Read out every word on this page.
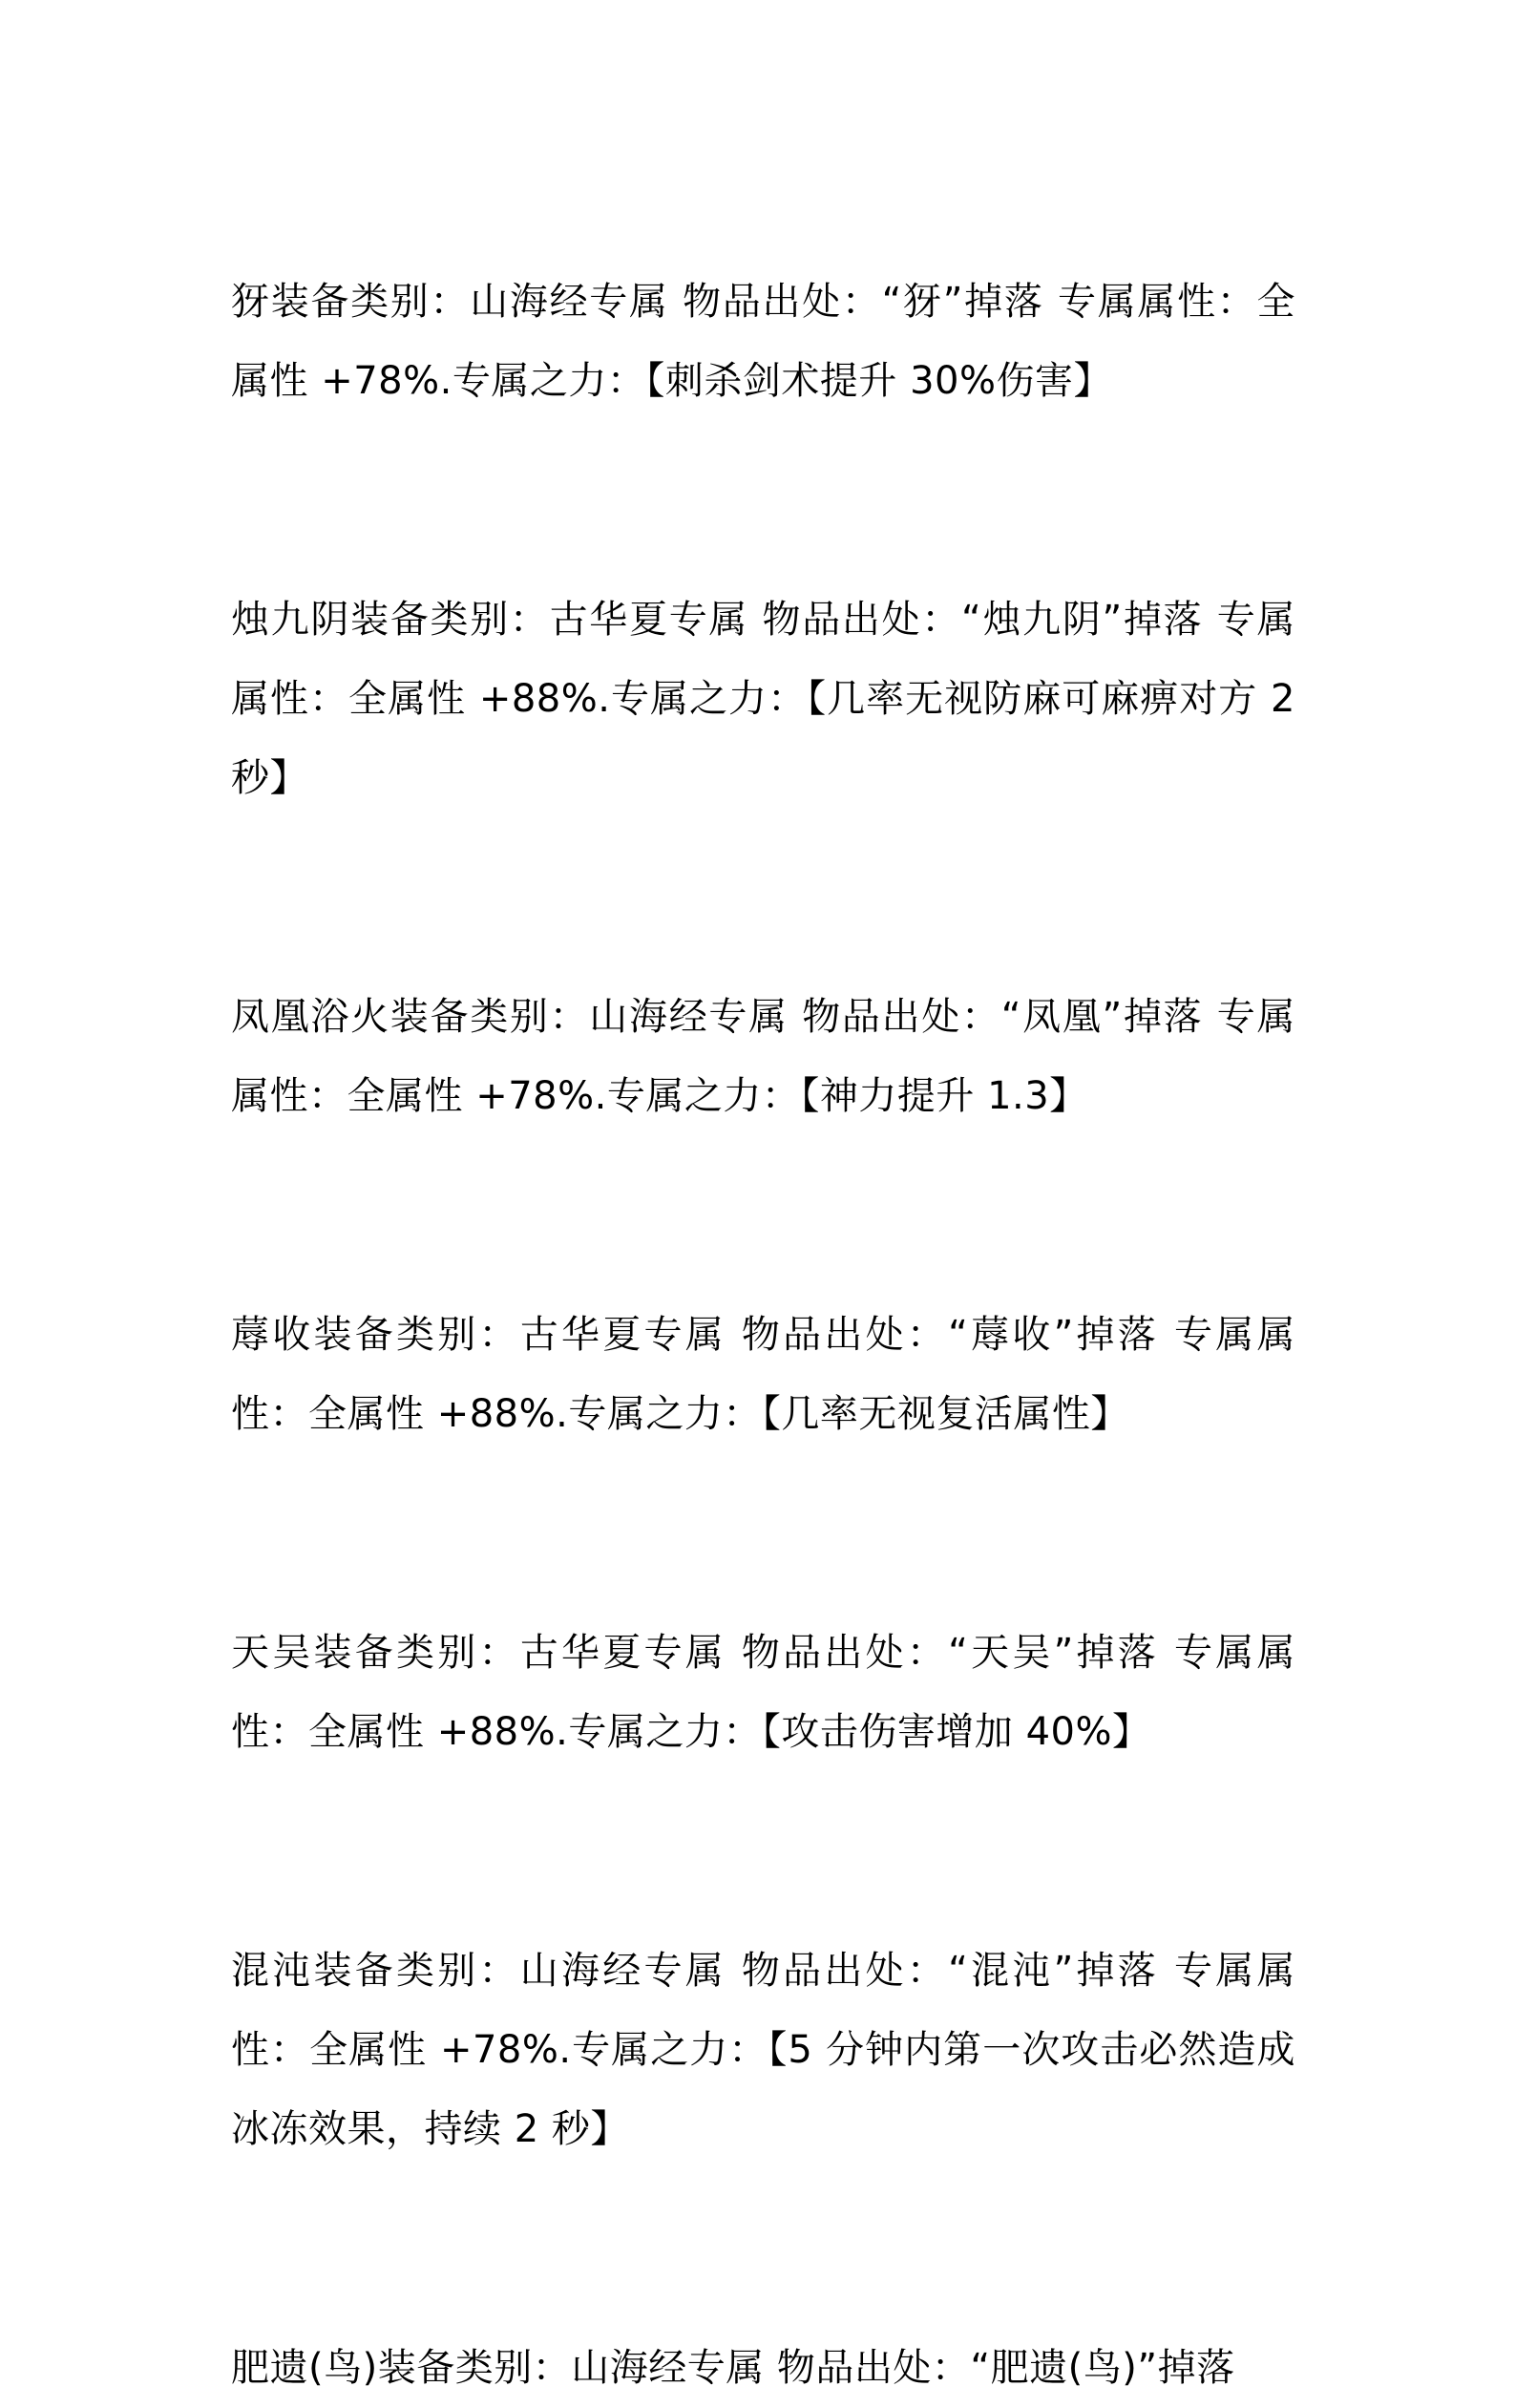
犽装备类别：山海经专属 物品出处：“犽”掉落 专属属性：全属性 +78%.专属之力：【刺杀剑术提升 30%伤害】

烛九阴装备类别：古华夏专属 物品出处：“烛九阴”掉落 专属属性：全属性 +88%.专属之力：【几率无视防麻可麻痹对方 2 秒】

凤凰浴火装备类别：山海经专属 物品出处：“凤凰”掉落 专属属性：全属性 +78%.专属之力：【神力提升 1.3】

蓐收装备类别：古华夏专属 物品出处：“蓐收”掉落 专属属性：全属性 +88%.专属之力：【几率无视复活属性】

天吴装备类别：古华夏专属 物品出处：“天吴”掉落 专属属性：全属性 +88%.专属之力：【攻击伤害增加 40%】

混沌装备类别：山海经专属 物品出处：“混沌”掉落 专属属性：全属性 +78%.专属之力：【5 分钟内第一次攻击必然造成冰冻效果，持续 2 秒】

肥遗(鸟)装备类别：山海经专属 物品出处：“肥遗(鸟)”掉落
